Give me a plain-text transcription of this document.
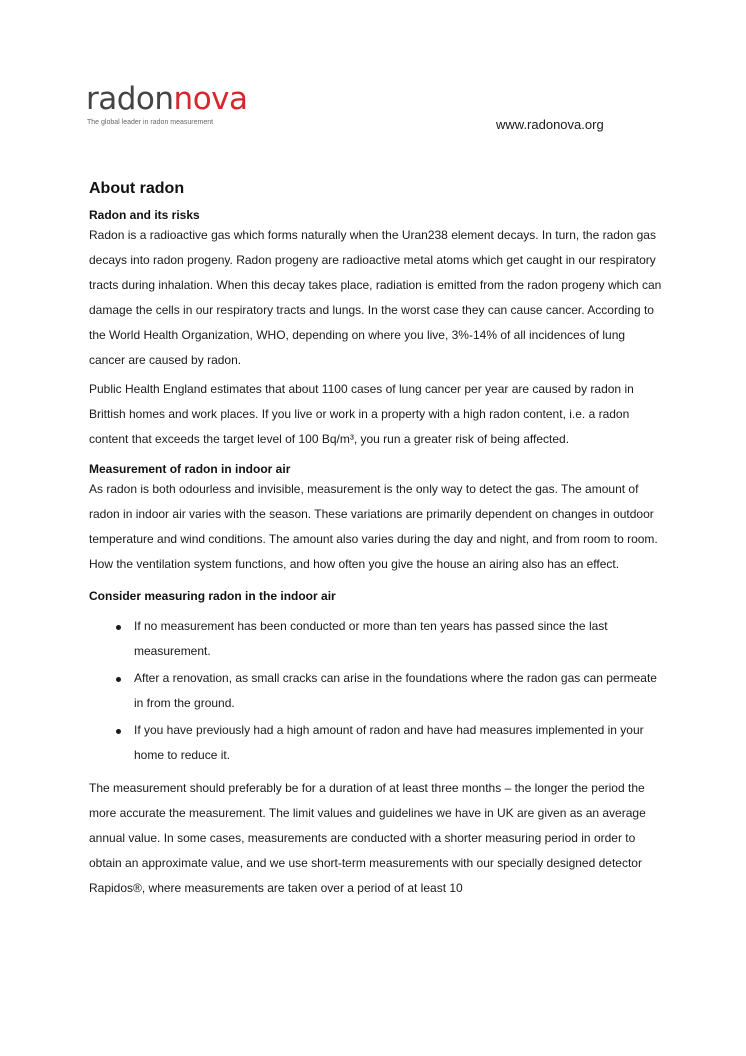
radonnova
The global leader in radon measurement	www.radonova.org
About radon
Radon and its risks

Radon is a radioactive gas which forms naturally when the Uran238 element decays. In turn, the radon gas decays into radon progeny. Radon progeny are radioactive metal atoms which get caught in our respiratory tracts during inhalation. When this decay takes place, radiation is emitted from the radon progeny which can damage the cells in our respiratory tracts and lungs. In the worst case they can cause cancer. According to the World Health Organization, WHO, depending on where you live, 3%-14% of all incidences of lung cancer are caused by radon.

Public Health England estimates that about 1100 cases of lung cancer per year are caused by radon in Brittish homes and work places. If you live or work in a property with a high radon content, i.e. a radon content that exceeds the target level of 100 Bq/m³, you run a greater risk of being affected.

Measurement of radon in indoor air

As radon is both odourless and invisible, measurement is the only way to detect the gas. The amount of radon in indoor air varies with the season. These variations are primarily dependent on changes in outdoor temperature and wind conditions. The amount also varies during the day and night, and from room to room. How the ventilation system functions, and how often you give the house an airing also has an effect.

Consider measuring radon in the indoor air
If no measurement has been conducted or more than ten years has passed since the last measurement.
After a renovation, as small cracks can arise in the foundations where the radon gas can permeate in from the ground.
If you have previously had a high amount of radon and have had measures implemented in your home to reduce it.

The measurement should preferably be for a duration of at least three months – the longer the period the more accurate the measurement. The limit values and guidelines we have in UK are given as an average annual value. In some cases, measurements are conducted with a shorter measuring period in order to obtain an approximate value, and we use short-term measurements with our specially designed detector Rapidos®, where measurements are taken over a period of at least 10
